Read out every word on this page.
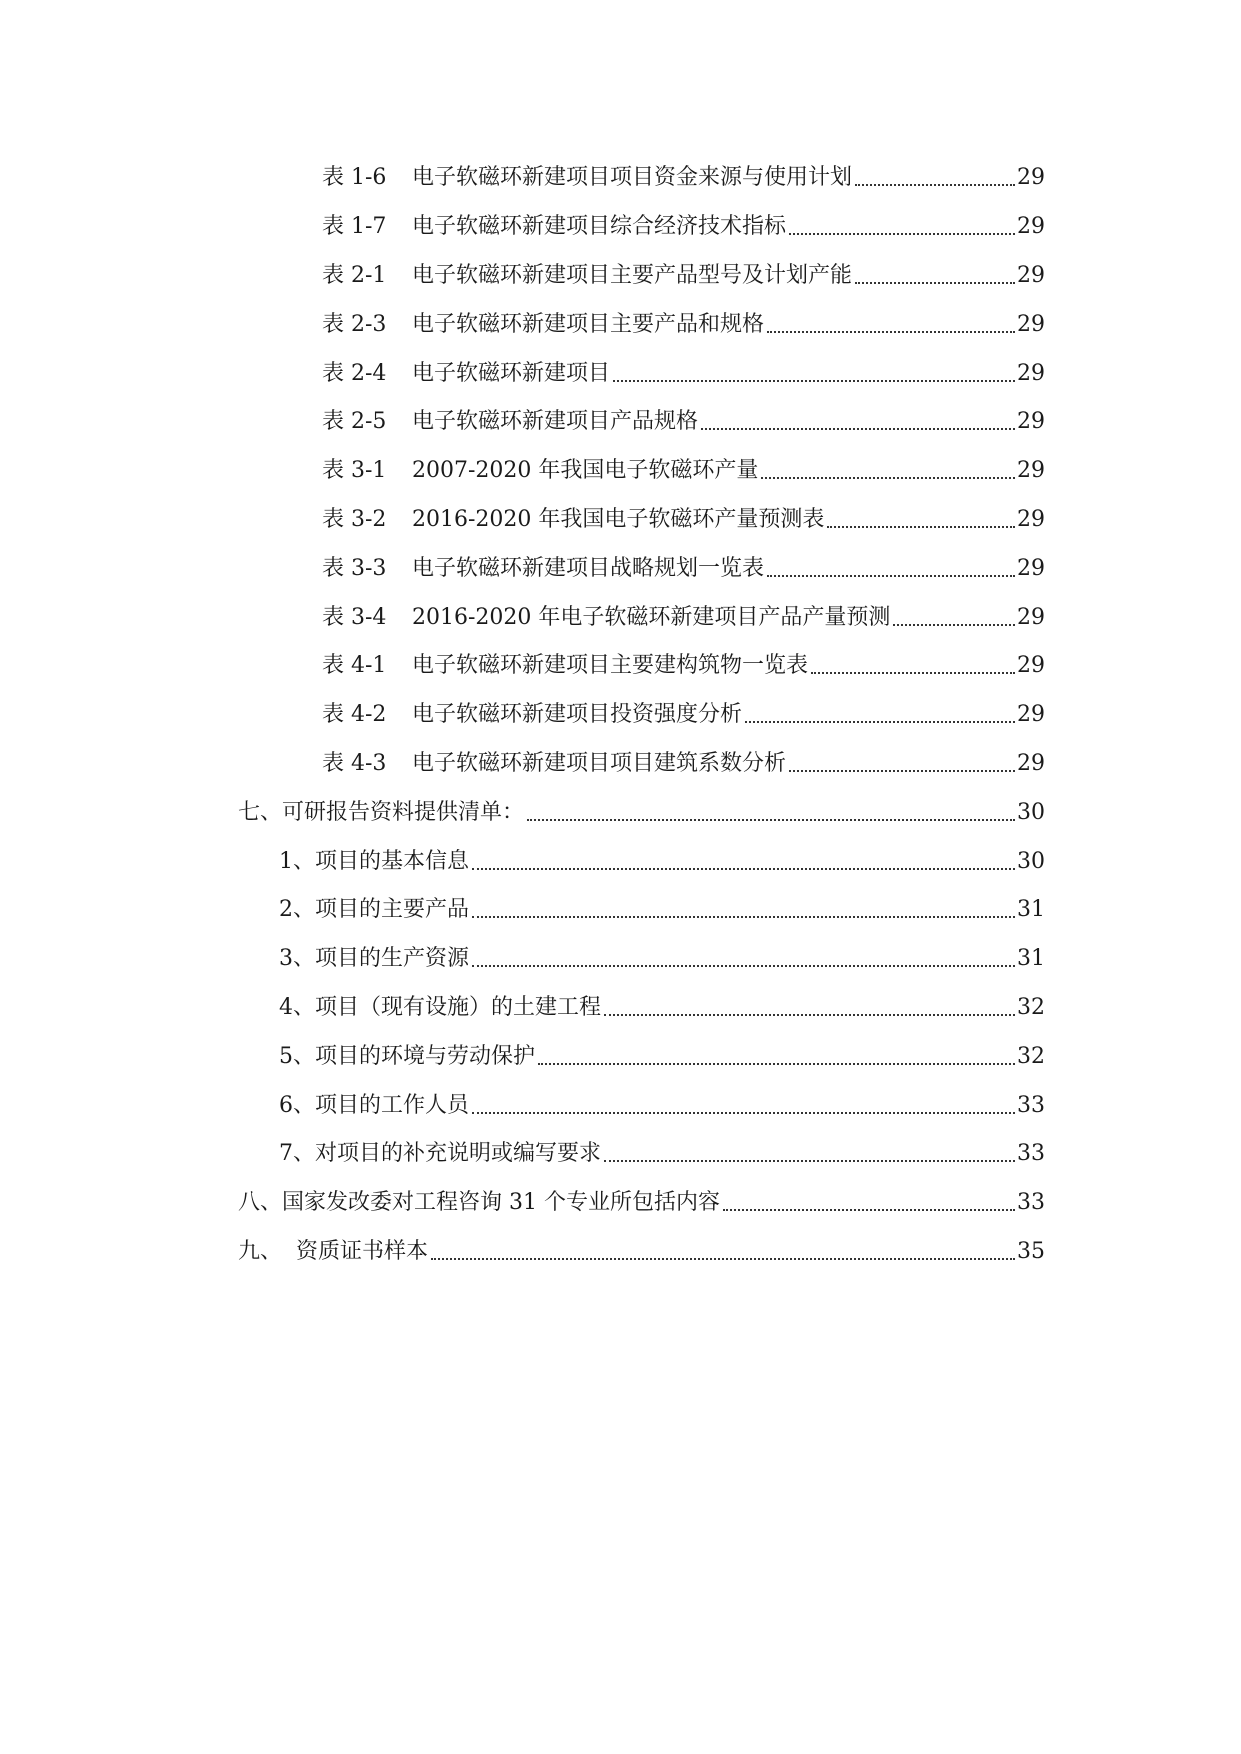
表 1-6	电子软磁环新建项目项目资金来源与使用计划	29
表 1-7	电子软磁环新建项目综合经济技术指标	29
表 2-1	电子软磁环新建项目主要产品型号及计划产能	29
表 2-3	电子软磁环新建项目主要产品和规格	29
表 2-4	电子软磁环新建项目	29
表 2-5	电子软磁环新建项目产品规格	29
表 3-1	2007-2020 年我国电子软磁环产量	29
表 3-2	2016-2020 年我国电子软磁环产量预测表	29
表 3-3	电子软磁环新建项目战略规划一览表	29
表 3-4	2016-2020 年电子软磁环新建项目产品产量预测	29
表 4-1	电子软磁环新建项目主要建构筑物一览表	29
表 4-2	电子软磁环新建项目投资强度分析	29
表 4-3	电子软磁环新建项目项目建筑系数分析	29
七、可研报告资料提供清单：	30
1、项目的基本信息	30
2、项目的主要产品	31
3、项目的生产资源	31
4、项目（现有设施）的土建工程	32
5、项目的环境与劳动保护	32
6、项目的工作人员	33
7、对项目的补充说明或编写要求	33
八、国家发改委对工程咨询 31 个专业所包括内容	33
九、 资质证书样本	35
